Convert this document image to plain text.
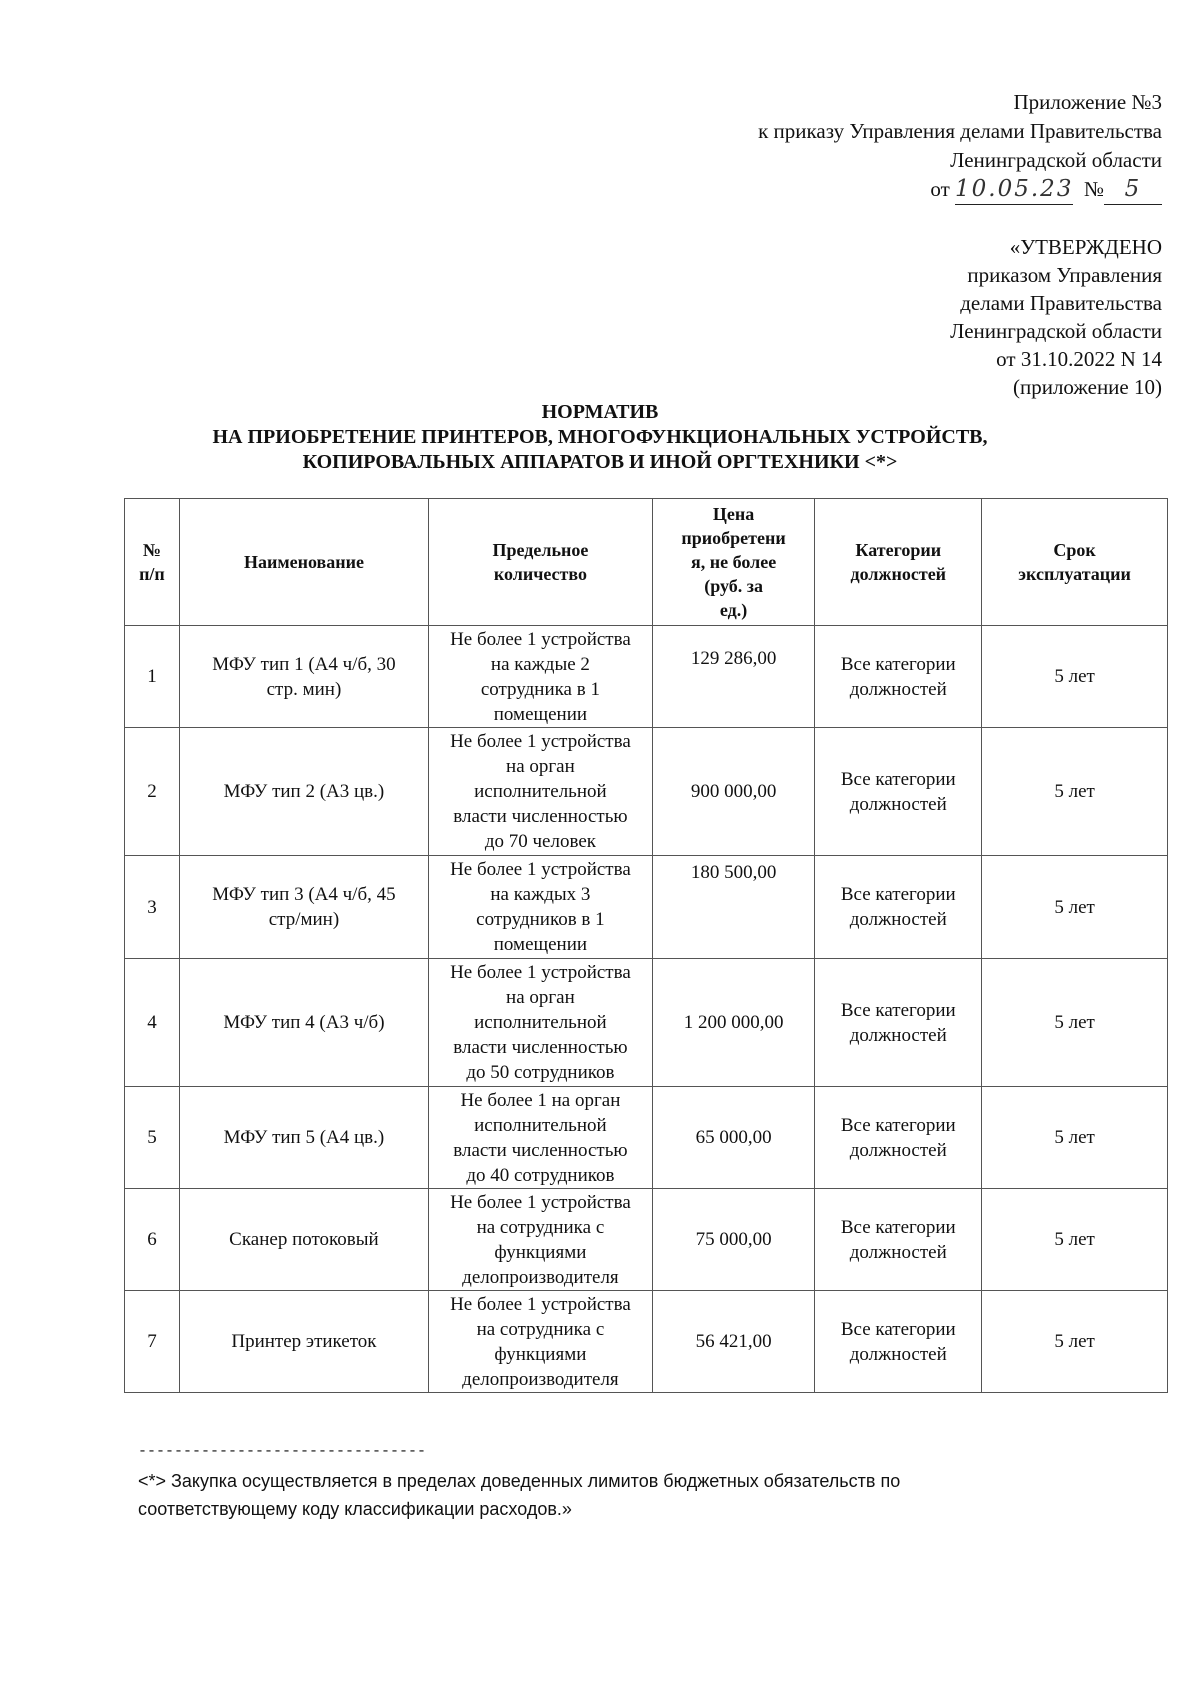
Приложение №3
к приказу Управления делами Правительства
Ленинградской области
от 10.05.23 № 5
«УТВЕРЖДЕНО
приказом Управления
делами Правительства
Ленинградской области
от 31.10.2022 N 14
(приложение 10)
НОРМАТИВ
НА ПРИОБРЕТЕНИЕ ПРИНТЕРОВ, МНОГОФУНКЦИОНАЛЬНЫХ УСТРОЙСТВ,
КОПИРОВАЛЬНЫХ АППАРАТОВ И ИНОЙ ОРГТЕХНИКИ <*>
№
п/п	Наименование	Предельное
количество	Цена
приобретени
я, не более
(руб. за
ед.)	Категории
должностей	Срок
эксплуатации

1	МФУ тип 1 (А4 ч/б, 30
стр. мин)	Не более 1 устройства
на каждые 2
сотрудника в 1
помещении	129 286,00	Все категории
должностей	5 лет
2	МФУ тип 2 (А3 цв.)	Не более 1 устройства
на орган
исполнительной
власти численностью
до 70 человек	900 000,00	Все категории
должностей	5 лет
3	МФУ тип 3 (А4 ч/б, 45
стр/мин)	Не более 1 устройства
на каждых 3
сотрудников в 1
помещении	180 500,00	Все категории
должностей	5 лет
4	МФУ тип 4 (А3 ч/б)	Не более 1 устройства
на орган
исполнительной
власти численностью
до 50 сотрудников	1 200 000,00	Все категории
должностей	5 лет
5	МФУ тип 5 (А4 цв.)	Не более 1 на орган
исполнительной
власти численностью
до 40 сотрудников	65 000,00	Все категории
должностей	5 лет
6	Сканер потоковый	Не более 1 устройства
на сотрудника с
функциями
делопроизводителя	75 000,00	Все категории
должностей	5 лет
7	Принтер этикеток	Не более 1 устройства
на сотрудника с
функциями
делопроизводителя	56 421,00	Все категории
должностей	5 лет
--------------------------------
<*> Закупка осуществляется в пределах доведенных лимитов бюджетных обязательств по
соответствующему коду классификации расходов.»
